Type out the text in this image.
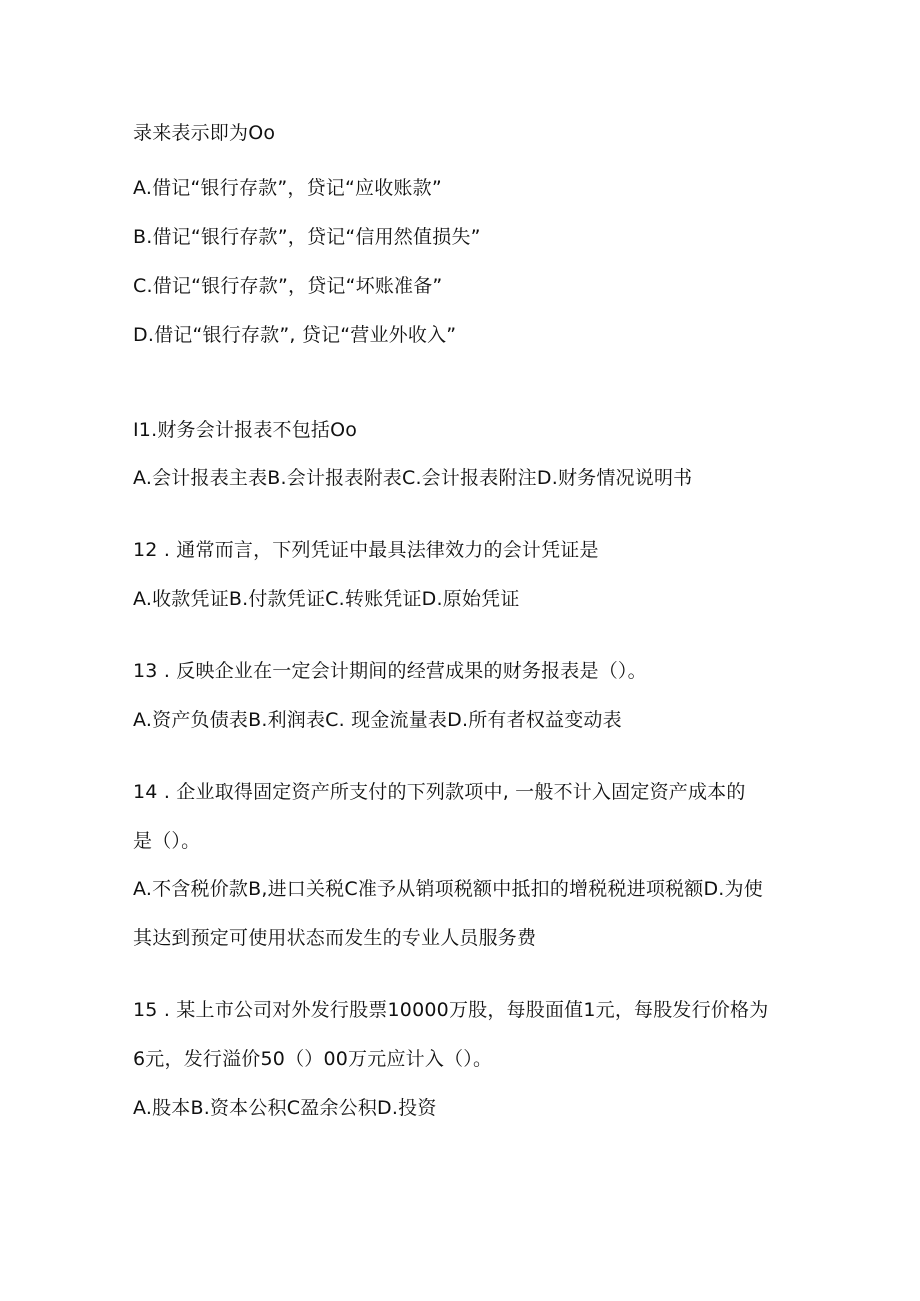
录来表示即为Oo
A.借记“银行存款”，贷记“应收账款”
B.借记“银行存款”，贷记“信用然值损失”
C.借记“银行存款”，贷记“坏账准备”
D.借记“银行存款”, 贷记“营业外收入”
I1.财务会计报表不包括Oo
A.会计报表主表B.会计报表附表C.会计报表附注D.财务情况说明书
12 . 通常而言，下列凭证中最具法律效力的会计凭证是
A.收款凭证B.付款凭证C.转账凭证D.原始凭证
13 . 反映企业在一定会计期间的经营成果的财务报表是（）。
A.资产负债表B.利润表C. 现金流量表D.所有者权益变动表
14 . 企业取得固定资产所支付的下列款项中, 一般不计入固定资产成本的
是（）。
A.不含税价款B,进口关税C准予从销项税额中抵扣的增税税进项税额D.为使
其达到预定可使用状态而发生的专业人员服务费
15 . 某上市公司对外发行股票10000万股，每股面值1元，每股发行价格为
6元，发行溢价50（）00万元应计入（）。
A.股本B.资本公积C盈余公积D.投资
